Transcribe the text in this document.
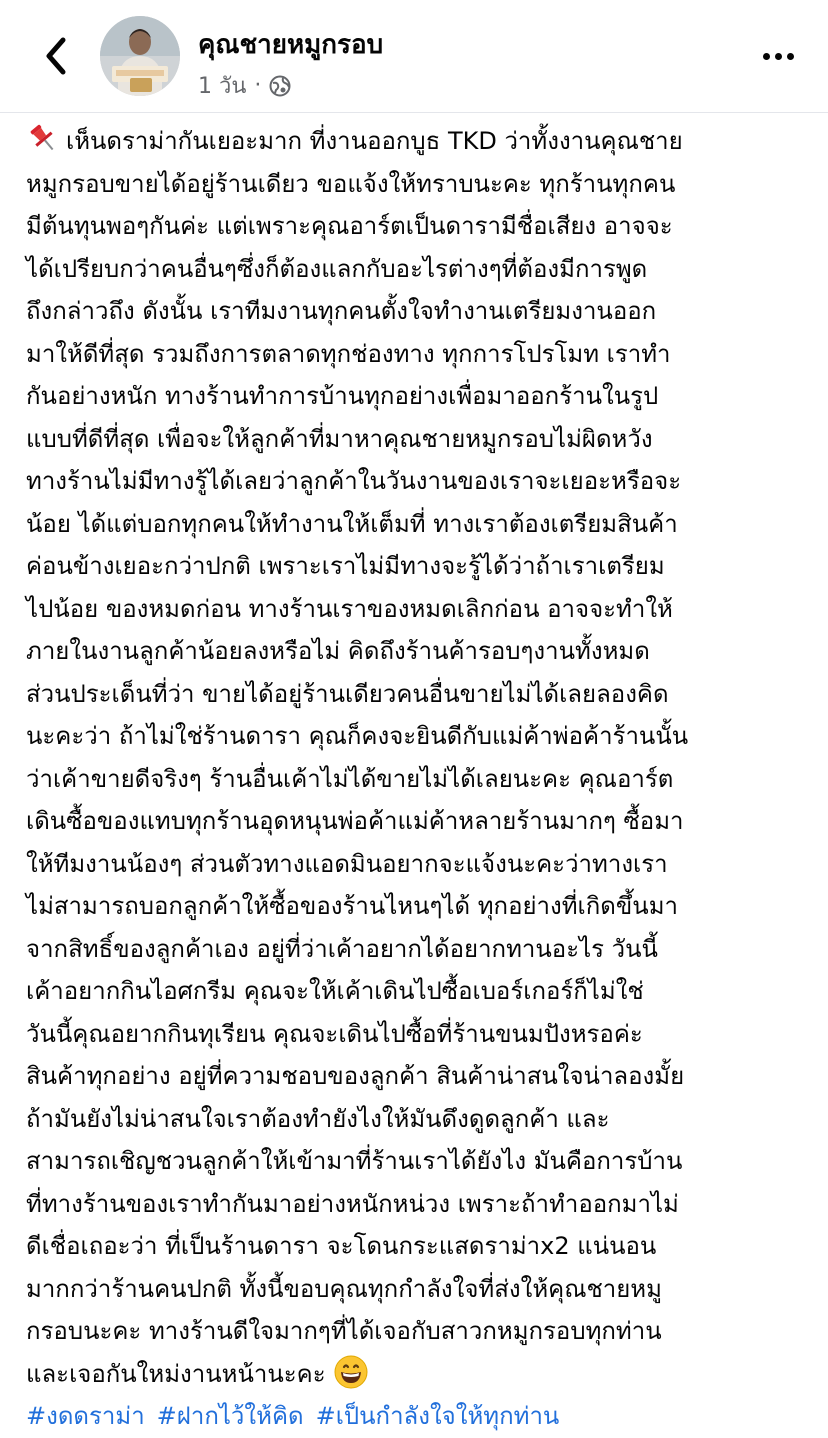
คุณชายหมูกรอบ
1 วัน ·
เห็นดราม่ากันเยอะมาก ที่งานออกบูธ TKD ว่าทั้งงานคุณชาย
หมูกรอบขายได้อยู่ร้านเดียว ขอแจ้งให้ทราบนะคะ ทุกร้านทุกคน
มีต้นทุนพอๆกันค่ะ แต่เพราะคุณอาร์ตเป็นดารามีชื่อเสียง อาจจะ
ได้เปรียบกว่าคนอื่นๆซึ่งก็ต้องแลกกับอะไรต่างๆที่ต้องมีการพูด
ถึงกล่าวถึง ดังนั้น เราทีมงานทุกคนตั้งใจทำงานเตรียมงานออก
มาให้ดีที่สุด รวมถึงการตลาดทุกช่องทาง ทุกการโปรโมท เราทำ
กันอย่างหนัก ทางร้านทำการบ้านทุกอย่างเพื่อมาออกร้านในรูป
แบบที่ดีที่สุด เพื่อจะให้ลูกค้าที่มาหาคุณชายหมูกรอบไม่ผิดหวัง
ทางร้านไม่มีทางรู้ได้เลยว่าลูกค้าในวันงานของเราจะเยอะหรือจะ
น้อย ได้แต่บอกทุกคนให้ทำงานให้เต็มที่ ทางเราต้องเตรียมสินค้า
ค่อนข้างเยอะกว่าปกติ เพราะเราไม่มีทางจะรู้ได้ว่าถ้าเราเตรียม
ไปน้อย ของหมดก่อน ทางร้านเราของหมดเลิกก่อน อาจจะทำให้
ภายในงานลูกค้าน้อยลงหรือไม่ คิดถึงร้านค้ารอบๆงานทั้งหมด
ส่วนประเด็นที่ว่า ขายได้อยู่ร้านเดียวคนอื่นขายไม่ได้เลยลองคิด
นะคะว่า ถ้าไม่ใช่ร้านดารา คุณก็คงจะยินดีกับแม่ค้าพ่อค้าร้านนั้น
ว่าเค้าขายดีจริงๆ ร้านอื่นเค้าไม่ได้ขายไม่ได้เลยนะคะ คุณอาร์ต
เดินซื้อของแทบทุกร้านอุดหนุนพ่อค้าแม่ค้าหลายร้านมากๆ ซื้อมา
ให้ทีมงานน้องๆ ส่วนตัวทางแอดมินอยากจะแจ้งนะคะว่าทางเรา
ไม่สามารถบอกลูกค้าให้ซื้อของร้านไหนๆได้ ทุกอย่างที่เกิดขึ้นมา
จากสิทธิ์ของลูกค้าเอง อยู่ที่ว่าเค้าอยากได้อยากทานอะไร วันนี้
เค้าอยากกินไอศกรีม คุณจะให้เค้าเดินไปซื้อเบอร์เกอร์ก็ไม่ใช่
วันนี้คุณอยากกินทุเรียน คุณจะเดินไปซื้อที่ร้านขนมปังหรอค่ะ
สินค้าทุกอย่าง อยู่ที่ความชอบของลูกค้า สินค้าน่าสนใจน่าลองมั้ย
ถ้ามันยังไม่น่าสนใจเราต้องทำยังไงให้มันดึงดูดลูกค้า และ
สามารถเชิญชวนลูกค้าให้เข้ามาที่ร้านเราได้ยังไง มันคือการบ้าน
ที่ทางร้านของเราทำกันมาอย่างหนักหน่วง เพราะถ้าทำออกมาไม่
ดีเชื่อเถอะว่า ที่เป็นร้านดารา จะโดนกระแสดราม่าx2 แน่นอน
มากกว่าร้านคนปกติ ทั้งนี้ขอบคุณทุกกำลังใจที่ส่งให้คุณชายหมู
กรอบนะคะ ทางร้านดีใจมากๆที่ได้เจอกับสาวกหมูกรอบทุกท่าน
และเจอกันใหม่งานหน้านะคะ
#งดดราม่า #ฝากไว้ให้คิด #เป็นกำลังใจให้ทุกท่าน
